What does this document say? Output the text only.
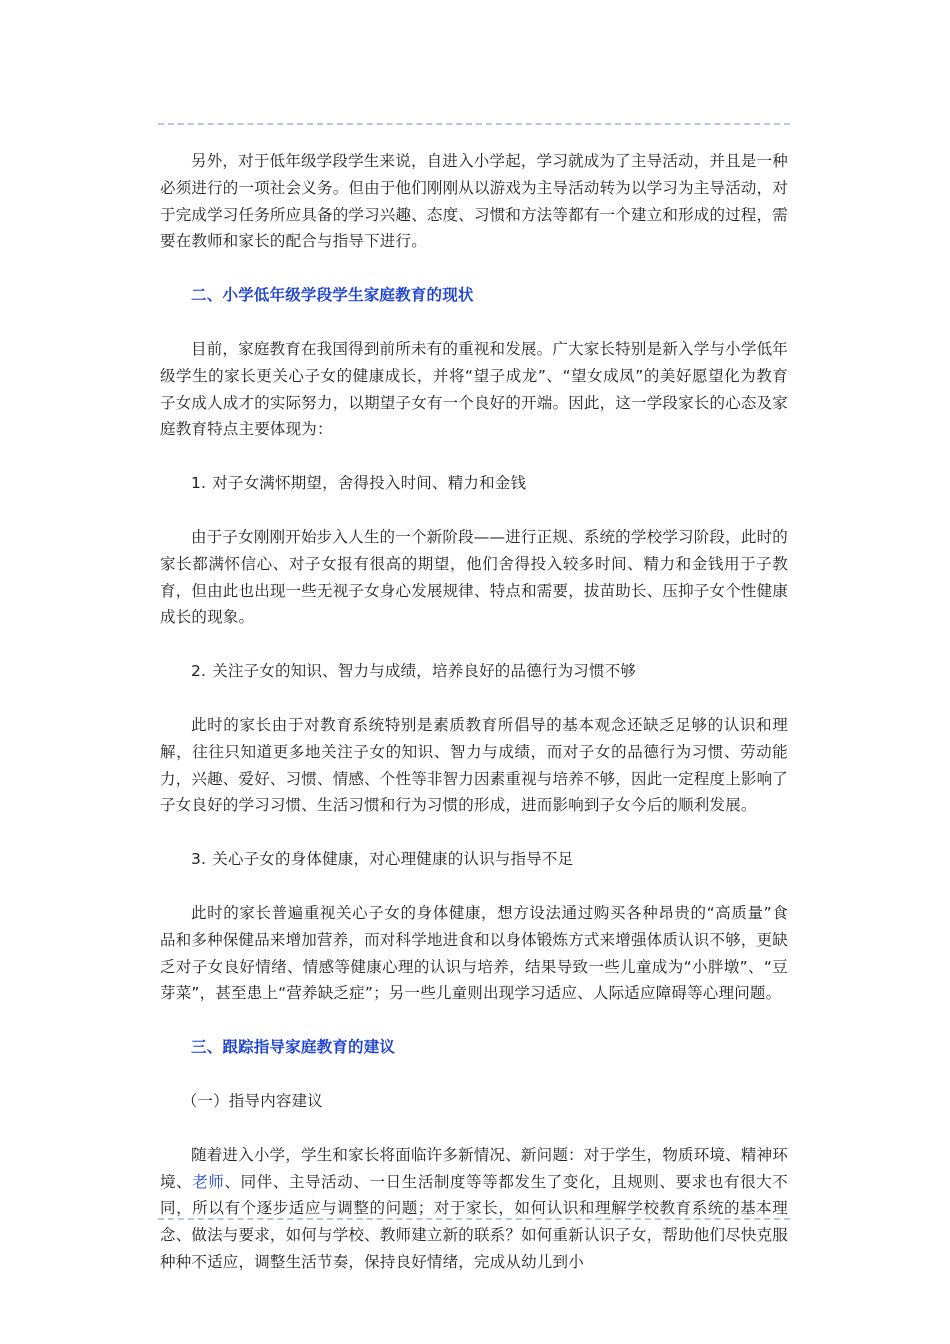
另外，对于低年级学段学生来说，自进入小学起，学习就成为了主导活动，并且是一种必须进行的一项社会义务。但由于他们刚刚从以游戏为主导活动转为以学习为主导活动，对于完成学习任务所应具备的学习兴趣、态度、习惯和方法等都有一个建立和形成的过程，需要在教师和家长的配合与指导下进行。

二、小学低年级学段学生家庭教育的现状

目前，家庭教育在我国得到前所未有的重视和发展。广大家长特别是新入学与小学低年级学生的家长更关心子女的健康成长，并将“望子成龙”、“望女成凤”的美好愿望化为教育子女成人成才的实际努力，以期望子女有一个良好的开端。因此，这一学段家长的心态及家庭教育特点主要体现为：

1. 对子女满怀期望，舍得投入时间、精力和金钱

由于子女刚刚开始步入人生的一个新阶段——进行正规、系统的学校学习阶段，此时的家长都满怀信心、对子女报有很高的期望，他们舍得投入较多时间、精力和金钱用于子教育，但由此也出现一些无视子女身心发展规律、特点和需要，拔苗助长、压抑子女个性健康成长的现象。

2. 关注子女的知识、智力与成绩，培养良好的品德行为习惯不够

此时的家长由于对教育系统特别是素质教育所倡导的基本观念还缺乏足够的认识和理解，往往只知道更多地关注子女的知识、智力与成绩，而对子女的品德行为习惯、劳动能力，兴趣、爱好、习惯、情感、个性等非智力因素重视与培养不够，因此一定程度上影响了子女良好的学习习惯、生活习惯和行为习惯的形成，进而影响到子女今后的顺利发展。

3. 关心子女的身体健康，对心理健康的认识与指导不足

此时的家长普遍重视关心子女的身体健康，想方设法通过购买各种昂贵的“高质量”食品和多种保健品来增加营养，而对科学地进食和以身体锻炼方式来增强体质认识不够，更缺乏对子女良好情绪、情感等健康心理的认识与培养，结果导致一些儿童成为“小胖墩”、“豆芽菜”，甚至患上“营养缺乏症”；另一些儿童则出现学习适应、人际适应障碍等心理问题。

三、跟踪指导家庭教育的建议

（一）指导内容建议

随着进入小学，学生和家长将面临许多新情况、新问题：对于学生，物质环境、精神环境、老师、同伴、主导活动、一日生活制度等等都发生了变化，且规则、要求也有很大不同，所以有个逐步适应与调整的问题；对于家长，如何认识和理解学校教育系统的基本理念、做法与要求，如何与学校、教师建立新的联系？如何重新认识子女，帮助他们尽快克服种种不适应，调整生活节奏，保持良好情绪，完成从幼儿到小
